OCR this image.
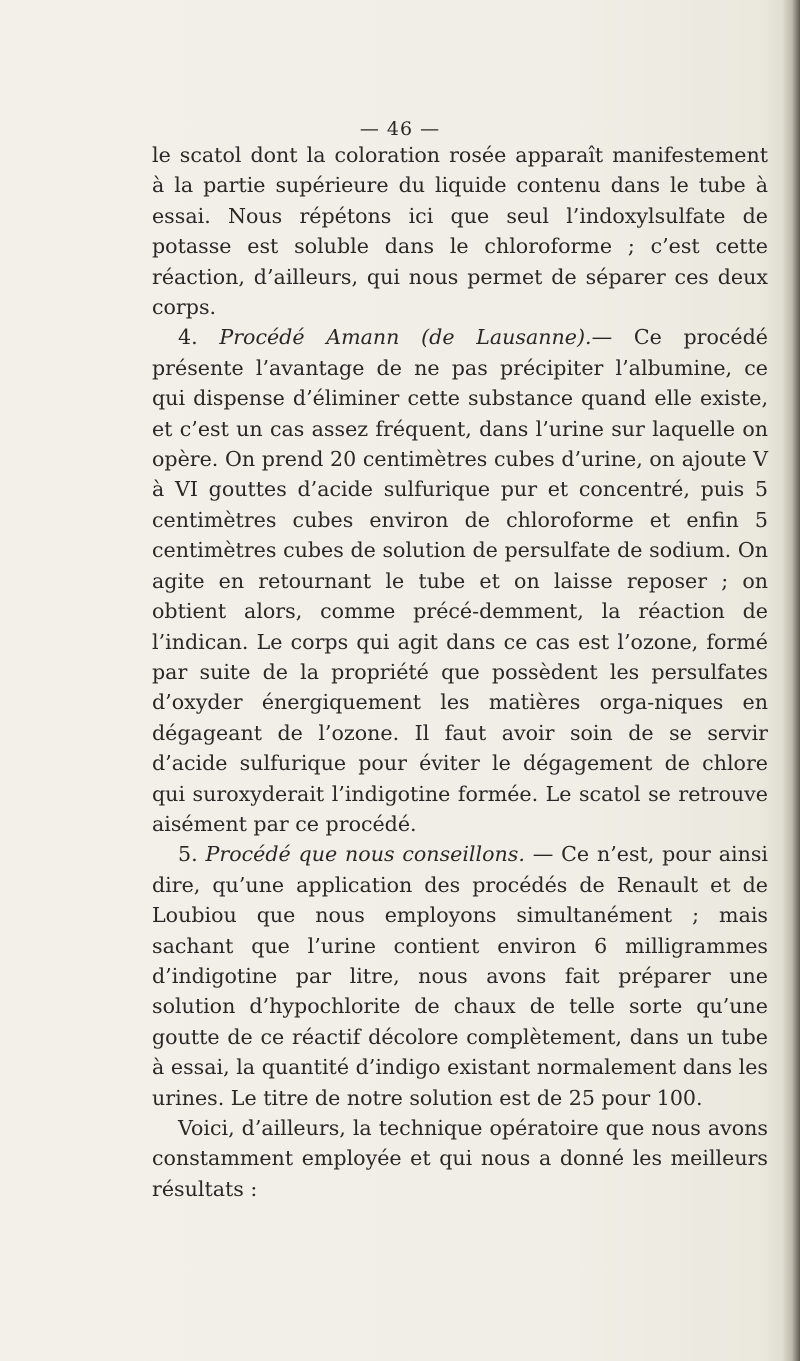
— 46 —

le scatol dont la coloration rosée apparaît manifestement à la partie supérieure du liquide contenu dans le tube à essai. Nous répétons ici que seul l’indoxylsulfate de potasse est soluble dans le chloroforme ; c’est cette réaction, d’ailleurs, qui nous permet de séparer ces deux corps.

4. Procédé Amann (de Lausanne).— Ce procédé présente l’avantage de ne pas précipiter l’albumine, ce qui dispense d’éliminer cette substance quand elle existe, et c’est un cas assez fréquent, dans l’urine sur laquelle on opère. On prend 20 centimètres cubes d’urine, on ajoute V à VI gouttes d’acide sulfurique pur et concentré, puis 5 centimètres cubes environ de chloroforme et enfin 5 centimètres cubes de solution de persulfate de sodium. On agite en retournant le tube et on laisse reposer ; on obtient alors, comme précé-demment, la réaction de l’indican. Le corps qui agit dans ce cas est l’ozone, formé par suite de la propriété que possèdent les persulfates d’oxyder énergiquement les matières orga-niques en dégageant de l’ozone. Il faut avoir soin de se servir d’acide sulfurique pour éviter le dégagement de chlore qui suroxyderait l’indigotine formée. Le scatol se retrouve aisément par ce procédé.

5. Procédé que nous conseillons. — Ce n’est, pour ainsi dire, qu’une application des procédés de Renault et de Loubiou que nous employons simultanément ; mais sachant que l’urine contient environ 6 milligrammes d’indigotine par litre, nous avons fait préparer une solution d’hypochlorite de chaux de telle sorte qu’une goutte de ce réactif décolore complètement, dans un tube à essai, la quantité d’indigo existant normalement dans les urines. Le titre de notre solution est de 25 pour 100.

Voici, d’ailleurs, la technique opératoire que nous avons constamment employée et qui nous a donné les meilleurs résultats :
